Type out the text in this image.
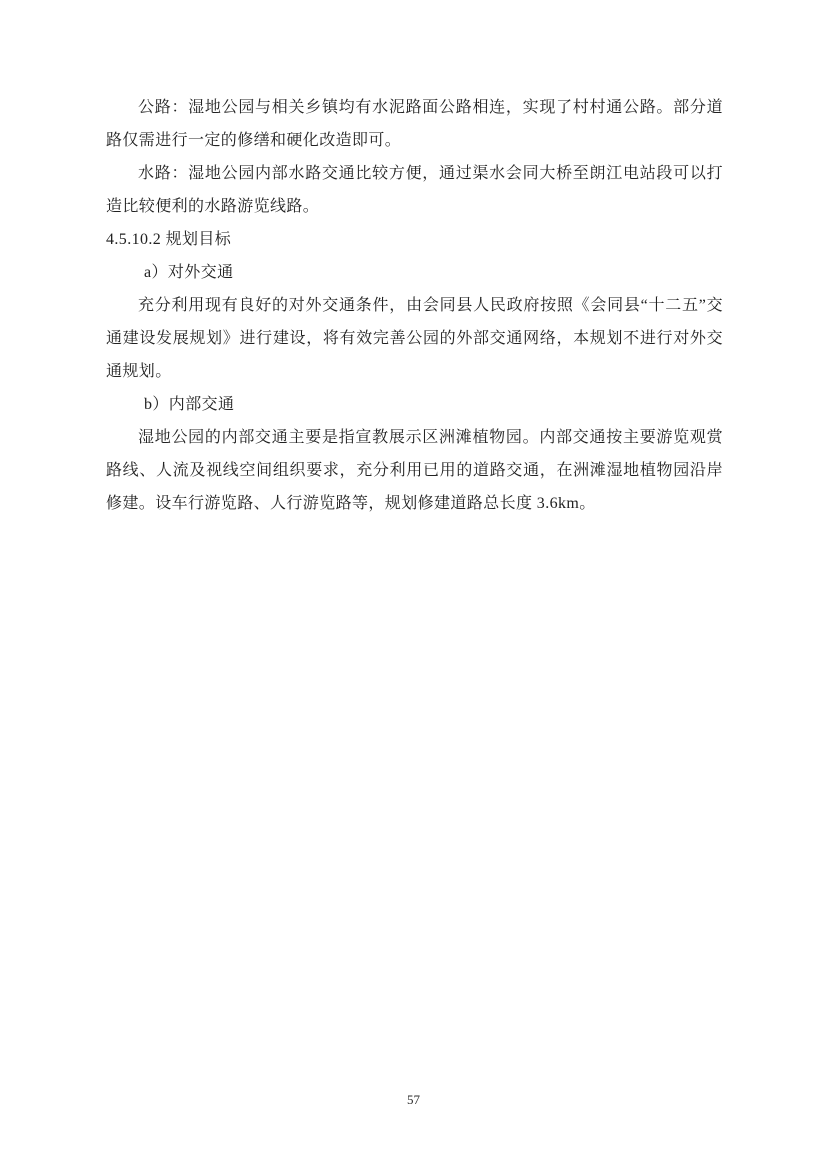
公路：湿地公园与相关乡镇均有水泥路面公路相连，实现了村村通公路。部分道路仅需进行一定的修缮和硬化改造即可。

水路：湿地公园内部水路交通比较方便，通过渠水会同大桥至朗江电站段可以打造比较便利的水路游览线路。

4.5.10.2 规划目标

a）对外交通

充分利用现有良好的对外交通条件，由会同县人民政府按照《会同县“十二五”交通建设发展规划》进行建设，将有效完善公园的外部交通网络，本规划不进行对外交通规划。

b）内部交通

湿地公园的内部交通主要是指宣教展示区洲滩植物园。内部交通按主要游览观赏路线、人流及视线空间组织要求，充分利用已用的道路交通，在洲滩湿地植物园沿岸修建。设车行游览路、人行游览路等，规划修建道路总长度 3.6km。

57
